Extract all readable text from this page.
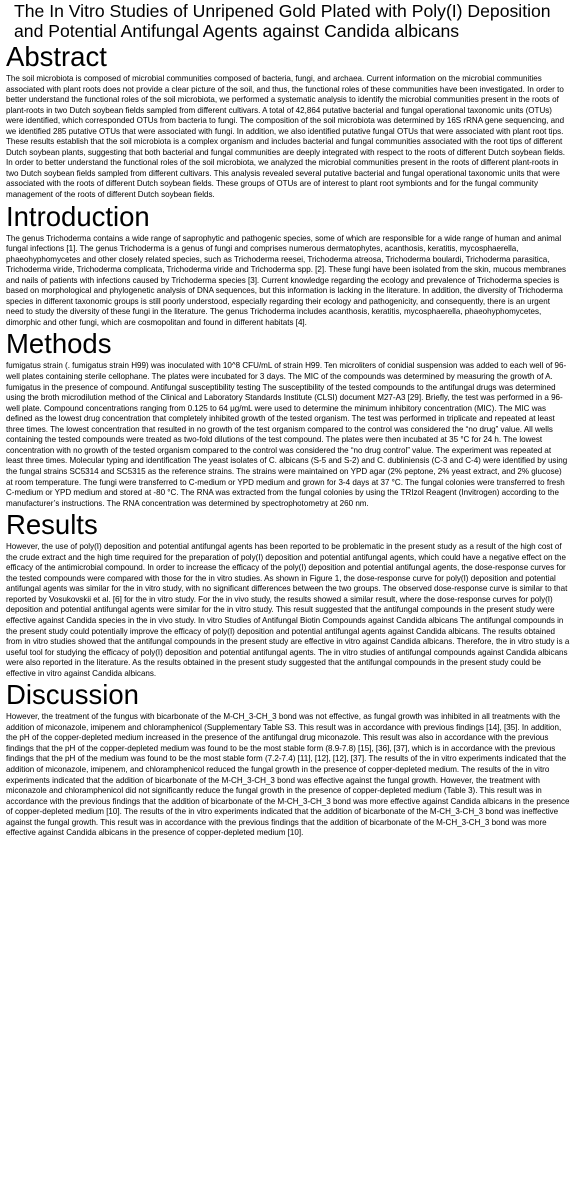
The In Vitro Studies of Unripened Gold Plated with Poly(I) Deposition and Potential Antifungal Agents against Candida albicans
Abstract

The soil microbiota is composed of microbial communities composed of bacteria, fungi, and archaea. Current information on the microbial communities associated with plant roots does not provide a clear picture of the soil, and thus, the functional roles of these communities have been investigated. In order to better understand the functional roles of the soil microbiota, we performed a systematic analysis to identify the microbial communities present in the roots of plant-roots in two Dutch soybean fields sampled from different cultivars. A total of 42,864 putative bacterial and fungal operational taxonomic units (OTUs) were identified, which corresponded OTUs from bacteria to fungi. The composition of the soil microbiota was determined by 16S rRNA gene sequencing, and we identified 285 putative OTUs that were associated with fungi. In addition, we also identified putative fungal OTUs that were associated with plant root tips. These results establish that the soil microbiota is a complex organism and includes bacterial and fungal communities associated with the root tips of different Dutch soybean plants, suggesting that both bacterial and fungal communities are deeply integrated with respect to the roots of different Dutch soybean fields. In order to better understand the functional roles of the soil microbiota, we analyzed the microbial communities present in the roots of different plant-roots in two Dutch soybean fields sampled from different cultivars. This analysis revealed several putative bacterial and fungal operational taxonomic units that were associated with the roots of different Dutch soybean fields. These groups of OTUs are of interest to plant root symbionts and for the fungal community management of the roots of different Dutch soybean fields.

Introduction

The genus Trichoderma contains a wide range of saprophytic and pathogenic species, some of which are responsible for a wide range of human and animal fungal infections [1]. The genus Trichoderma is a genus of fungi and comprises numerous dermatophytes, acanthosis, keratitis, mycosphaerella, phaeohyphomycetes and other closely related species, such as Trichoderma reesei, Trichoderma atreosa, Trichoderma boulardi, Trichoderma parasitica, Trichoderma viride, Trichoderma complicata, Trichoderma viride and Trichoderma spp. [2]. These fungi have been isolated from the skin, mucous membranes and nails of patients with infections caused by Trichoderma species [3]. Current knowledge regarding the ecology and prevalence of Trichoderma species is based on morphological and phylogenetic analysis of DNA sequences, but this information is lacking in the literature. In addition, the diversity of Trichoderma species in different taxonomic groups is still poorly understood, especially regarding their ecology and pathogenicity, and consequently, there is an urgent need to study the diversity of these fungi in the literature. The genus Trichoderma includes acanthosis, keratitis, mycosphaerella, phaeohyphomycetes, dimorphic and other fungi, which are cosmopolitan and found in different habitats [4].

Methods

fumigatus strain (. fumigatus strain H99) was inoculated with 10^8 CFU/mL of strain H99. Ten microliters of conidial suspension was added to each well of 96-well plates containing sterile cellophane. The plates were incubated for 3 days. The MIC of the compounds was determined by measuring the growth of A. fumigatus in the presence of compound. Antifungal susceptibility testing The susceptibility of the tested compounds to the antifungal drugs was determined using the broth microdilution method of the Clinical and Laboratory Standards Institute (CLSI) document M27-A3 [29]. Briefly, the test was performed in a 96-well plate. Compound concentrations ranging from 0.125 to 64 μg/mL were used to determine the minimum inhibitory concentration (MIC). The MIC was defined as the lowest drug concentration that completely inhibited growth of the tested organism. The test was performed in triplicate and repeated at least three times. The lowest concentration that resulted in no growth of the test organism compared to the control was considered the “no drug” value. All wells containing the tested compounds were treated as two-fold dilutions of the test compound. The plates were then incubated at 35 °C for 24 h. The lowest concentration with no growth of the tested organism compared to the control was considered the “no drug control” value. The experiment was repeated at least three times. Molecular typing and identification The yeast isolates of C. albicans (S-5 and S-2) and C. dubliniensis (C-3 and C-4) were identified by using the fungal strains SC5314 and SC5315 as the reference strains. The strains were maintained on YPD agar (2% peptone, 2% yeast extract, and 2% glucose) at room temperature. The fungi were transferred to C-medium or YPD medium and grown for 3-4 days at 37 °C. The fungal colonies were transferred to fresh C-medium or YPD medium and stored at -80 °C. The RNA was extracted from the fungal colonies by using the TRIzol Reagent (Invitrogen) according to the manufacturer’s instructions. The RNA concentration was determined by spectrophotometry at 260 nm.

Results

However, the use of poly(I) deposition and potential antifungal agents has been reported to be problematic in the present study as a result of the high cost of the crude extract and the high time required for the preparation of poly(I) deposition and potential antifungal agents, which could have a negative effect on the efficacy of the antimicrobial compound. In order to increase the efficacy of the poly(I) deposition and potential antifungal agents, the dose-response curves for the tested compounds were compared with those for the in vitro studies. As shown in Figure 1, the dose-response curve for poly(I) deposition and potential antifungal agents was similar for the in vitro study, with no significant differences between the two groups. The observed dose-response curve is similar to that reported by Vosukovskii et al. [6] for the in vitro study. For the in vivo study, the results showed a similar result, where the dose-response curves for poly(I) deposition and potential antifungal agents were similar for the in vitro study. This result suggested that the antifungal compounds in the present study were effective against Candida species in the in vivo study. In vitro Studies of Antifungal Biotin Compounds against Candida albicans The antifungal compounds in the present study could potentially improve the efficacy of poly(I) deposition and potential antifungal agents against Candida albicans. The results obtained from in vitro studies showed that the antifungal compounds in the present study are effective in vitro against Candida albicans. Therefore, the in vitro study is a useful tool for studying the efficacy of poly(I) deposition and potential antifungal agents. The in vitro studies of antifungal compounds against Candida albicans were also reported in the literature. As the results obtained in the present study suggested that the antifungal compounds in the present study could be effective in vitro against Candida albicans.

Discussion

However, the treatment of the fungus with bicarbonate of the M-CH_3-CH_3 bond was not effective, as fungal growth was inhibited in all treatments with the addition of miconazole, imipenem and chloramphenicol (Supplementary Table S3. This result was in accordance with previous findings [14], [35]. In addition, the pH of the copper-depleted medium increased in the presence of the antifungal drug miconazole. This result was also in accordance with the previous findings that the pH of the copper-depleted medium was found to be the most stable form (8.9-7.8) [15], [36], [37], which is in accordance with the previous findings that the pH of the medium was found to be the most stable form (7.2-7.4) [11], [12], [12], [37]. The results of the in vitro experiments indicated that the addition of miconazole, imipenem, and chloramphenicol reduced the fungal growth in the presence of copper-depleted medium. The results of the in vitro experiments indicated that the addition of bicarbonate of the M-CH_3-CH_3 bond was effective against the fungal growth. However, the treatment with miconazole and chloramphenicol did not significantly reduce the fungal growth in the presence of copper-depleted medium (Table 3). This result was in accordance with the previous findings that the addition of bicarbonate of the M-CH_3-CH_3 bond was more effective against Candida albicans in the presence of copper-depleted medium [10]. The results of the in vitro experiments indicated that the addition of bicarbonate of the M-CH_3-CH_3 bond was ineffective against the fungal growth. This result was in accordance with the previous findings that the addition of bicarbonate of the M-CH_3-CH_3 bond was more effective against Candida albicans in the presence of copper-depleted medium [10].
